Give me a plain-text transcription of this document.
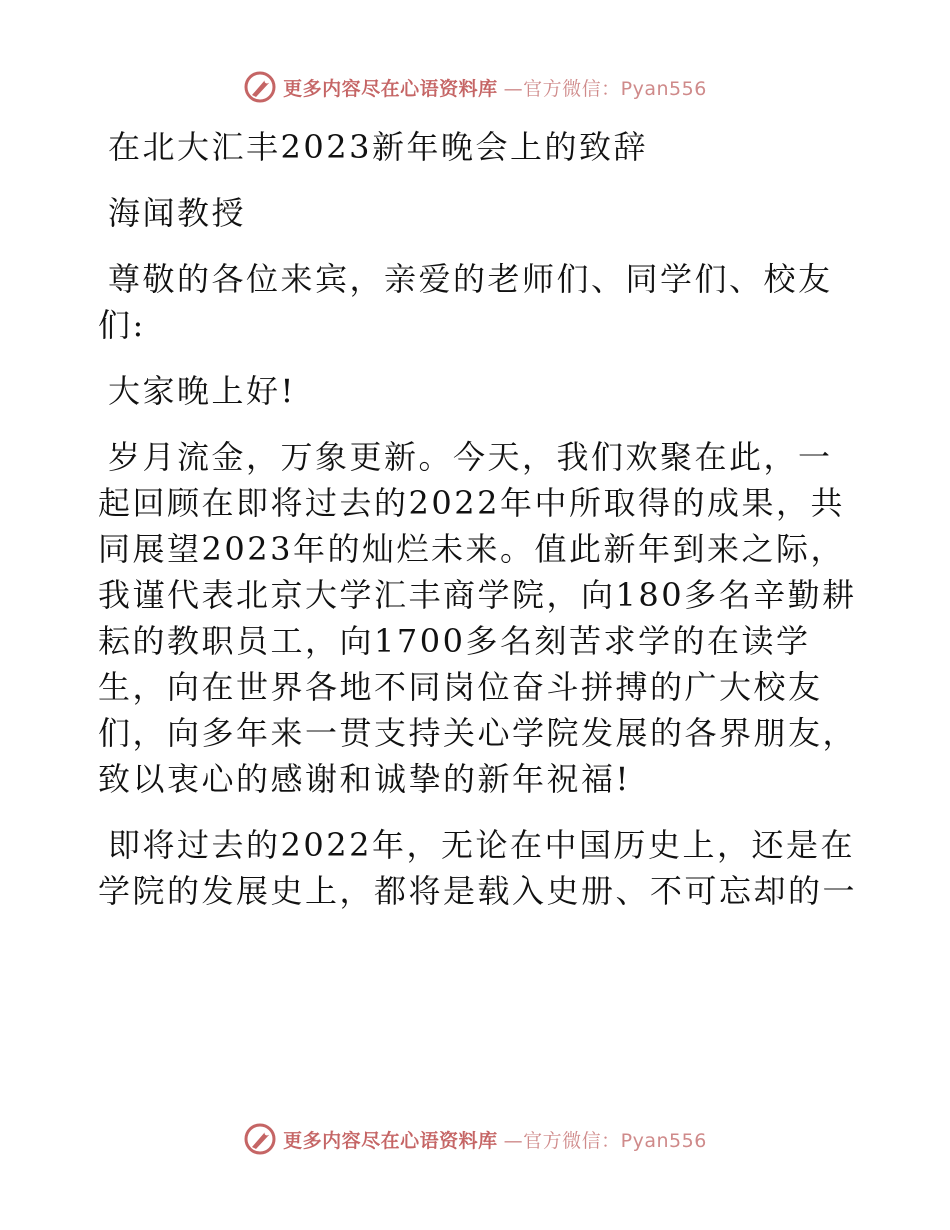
更多内容尽在心语资料库 —官方微信：Pyan556

在北大汇丰2023新年晚会上的致辞

海闻教授

尊敬的各位来宾，亲爱的老师们、同学们、校友

们:

大家晚上好!

岁月流金，万象更新。今天，我们欢聚在此，一

起回顾在即将过去的2022年中所取得的成果，共

同展望2023年的灿烂未来。值此新年到来之际，

我谨代表北京大学汇丰商学院，向180多名辛勤耕

耘的教职员工，向1700多名刻苦求学的在读学

生，向在世界各地不同岗位奋斗拼搏的广大校友

们，向多年来一贯支持关心学院发展的各界朋友，

致以衷心的感谢和诚挚的新年祝福!

即将过去的2022年，无论在中国历史上，还是在

学院的发展史上，都将是载入史册、不可忘却的一

更多内容尽在心语资料库 —官方微信：Pyan556
